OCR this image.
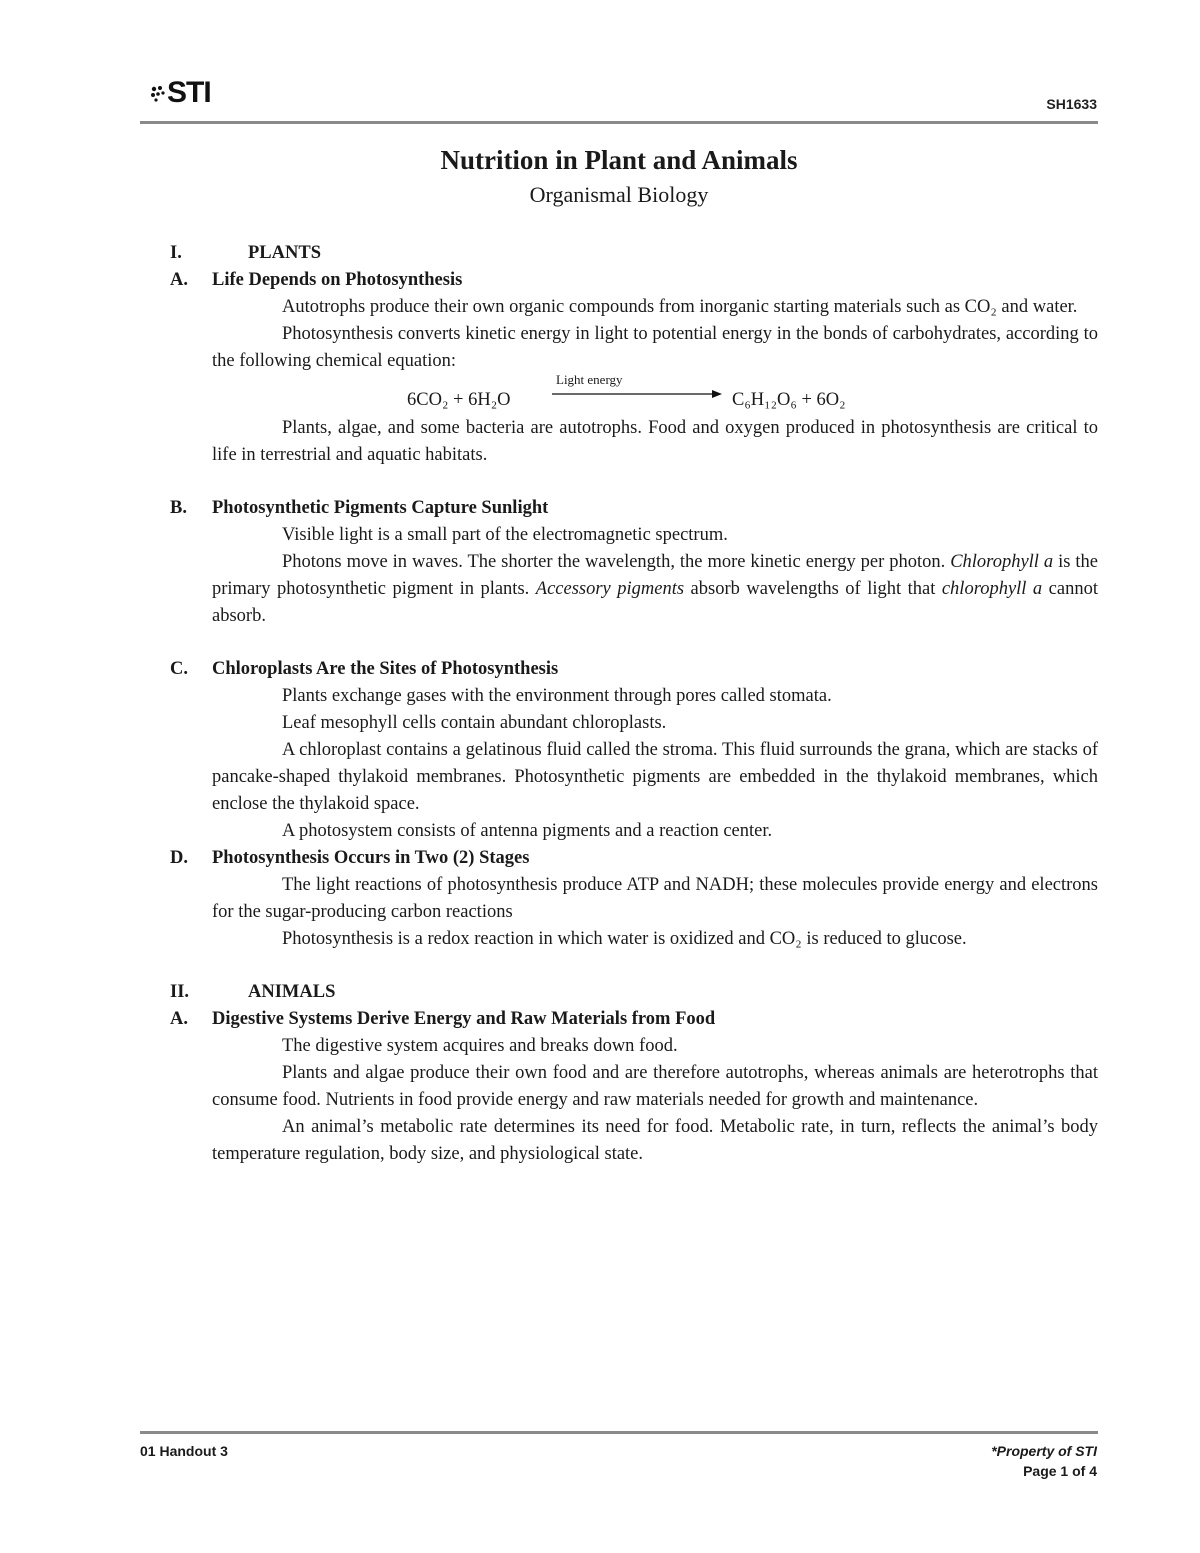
STI	SH1633
Nutrition in Plant and Animals
Organismal Biology
I.	PLANTS
A.	Life Depends on Photosynthesis
Autotrophs produce their own organic compounds from inorganic starting materials such as CO₂ and water.
Photosynthesis converts kinetic energy in light to potential energy in the bonds of carbohydrates, according to the following chemical equation:
6CO₂ + 6H₂O
Light energy
C₆H₁₂O₆ + 6O₂
Plants, algae, and some bacteria are autotrophs. Food and oxygen produced in photosynthesis are critical to life in terrestrial and aquatic habitats.
B.	Photosynthetic Pigments Capture Sunlight
Visible light is a small part of the electromagnetic spectrum.
Photons move in waves. The shorter the wavelength, the more kinetic energy per photon. Chlorophyll a is the primary photosynthetic pigment in plants. Accessory pigments absorb wavelengths of light that chlorophyll a cannot absorb.
C.	Chloroplasts Are the Sites of Photosynthesis
Plants exchange gases with the environment through pores called stomata.
Leaf mesophyll cells contain abundant chloroplasts.
A chloroplast contains a gelatinous fluid called the stroma. This fluid surrounds the grana, which are stacks of pancake-shaped thylakoid membranes. Photosynthetic pigments are embedded in the thylakoid membranes, which enclose the thylakoid space.
A photosystem consists of antenna pigments and a reaction center.
D.	Photosynthesis Occurs in Two (2) Stages
The light reactions of photosynthesis produce ATP and NADH; these molecules provide energy and electrons for the sugar-producing carbon reactions
Photosynthesis is a redox reaction in which water is oxidized and CO₂ is reduced to glucose.
II.	ANIMALS
A.	Digestive Systems Derive Energy and Raw Materials from Food
The digestive system acquires and breaks down food.
Plants and algae produce their own food and are therefore autotrophs, whereas animals are heterotrophs that consume food. Nutrients in food provide energy and raw materials needed for growth and maintenance.
An animal’s metabolic rate determines its need for food. Metabolic rate, in turn, reflects the animal’s body temperature regulation, body size, and physiological state.
01 Handout 3	*Property of STI
Page 1 of 4
